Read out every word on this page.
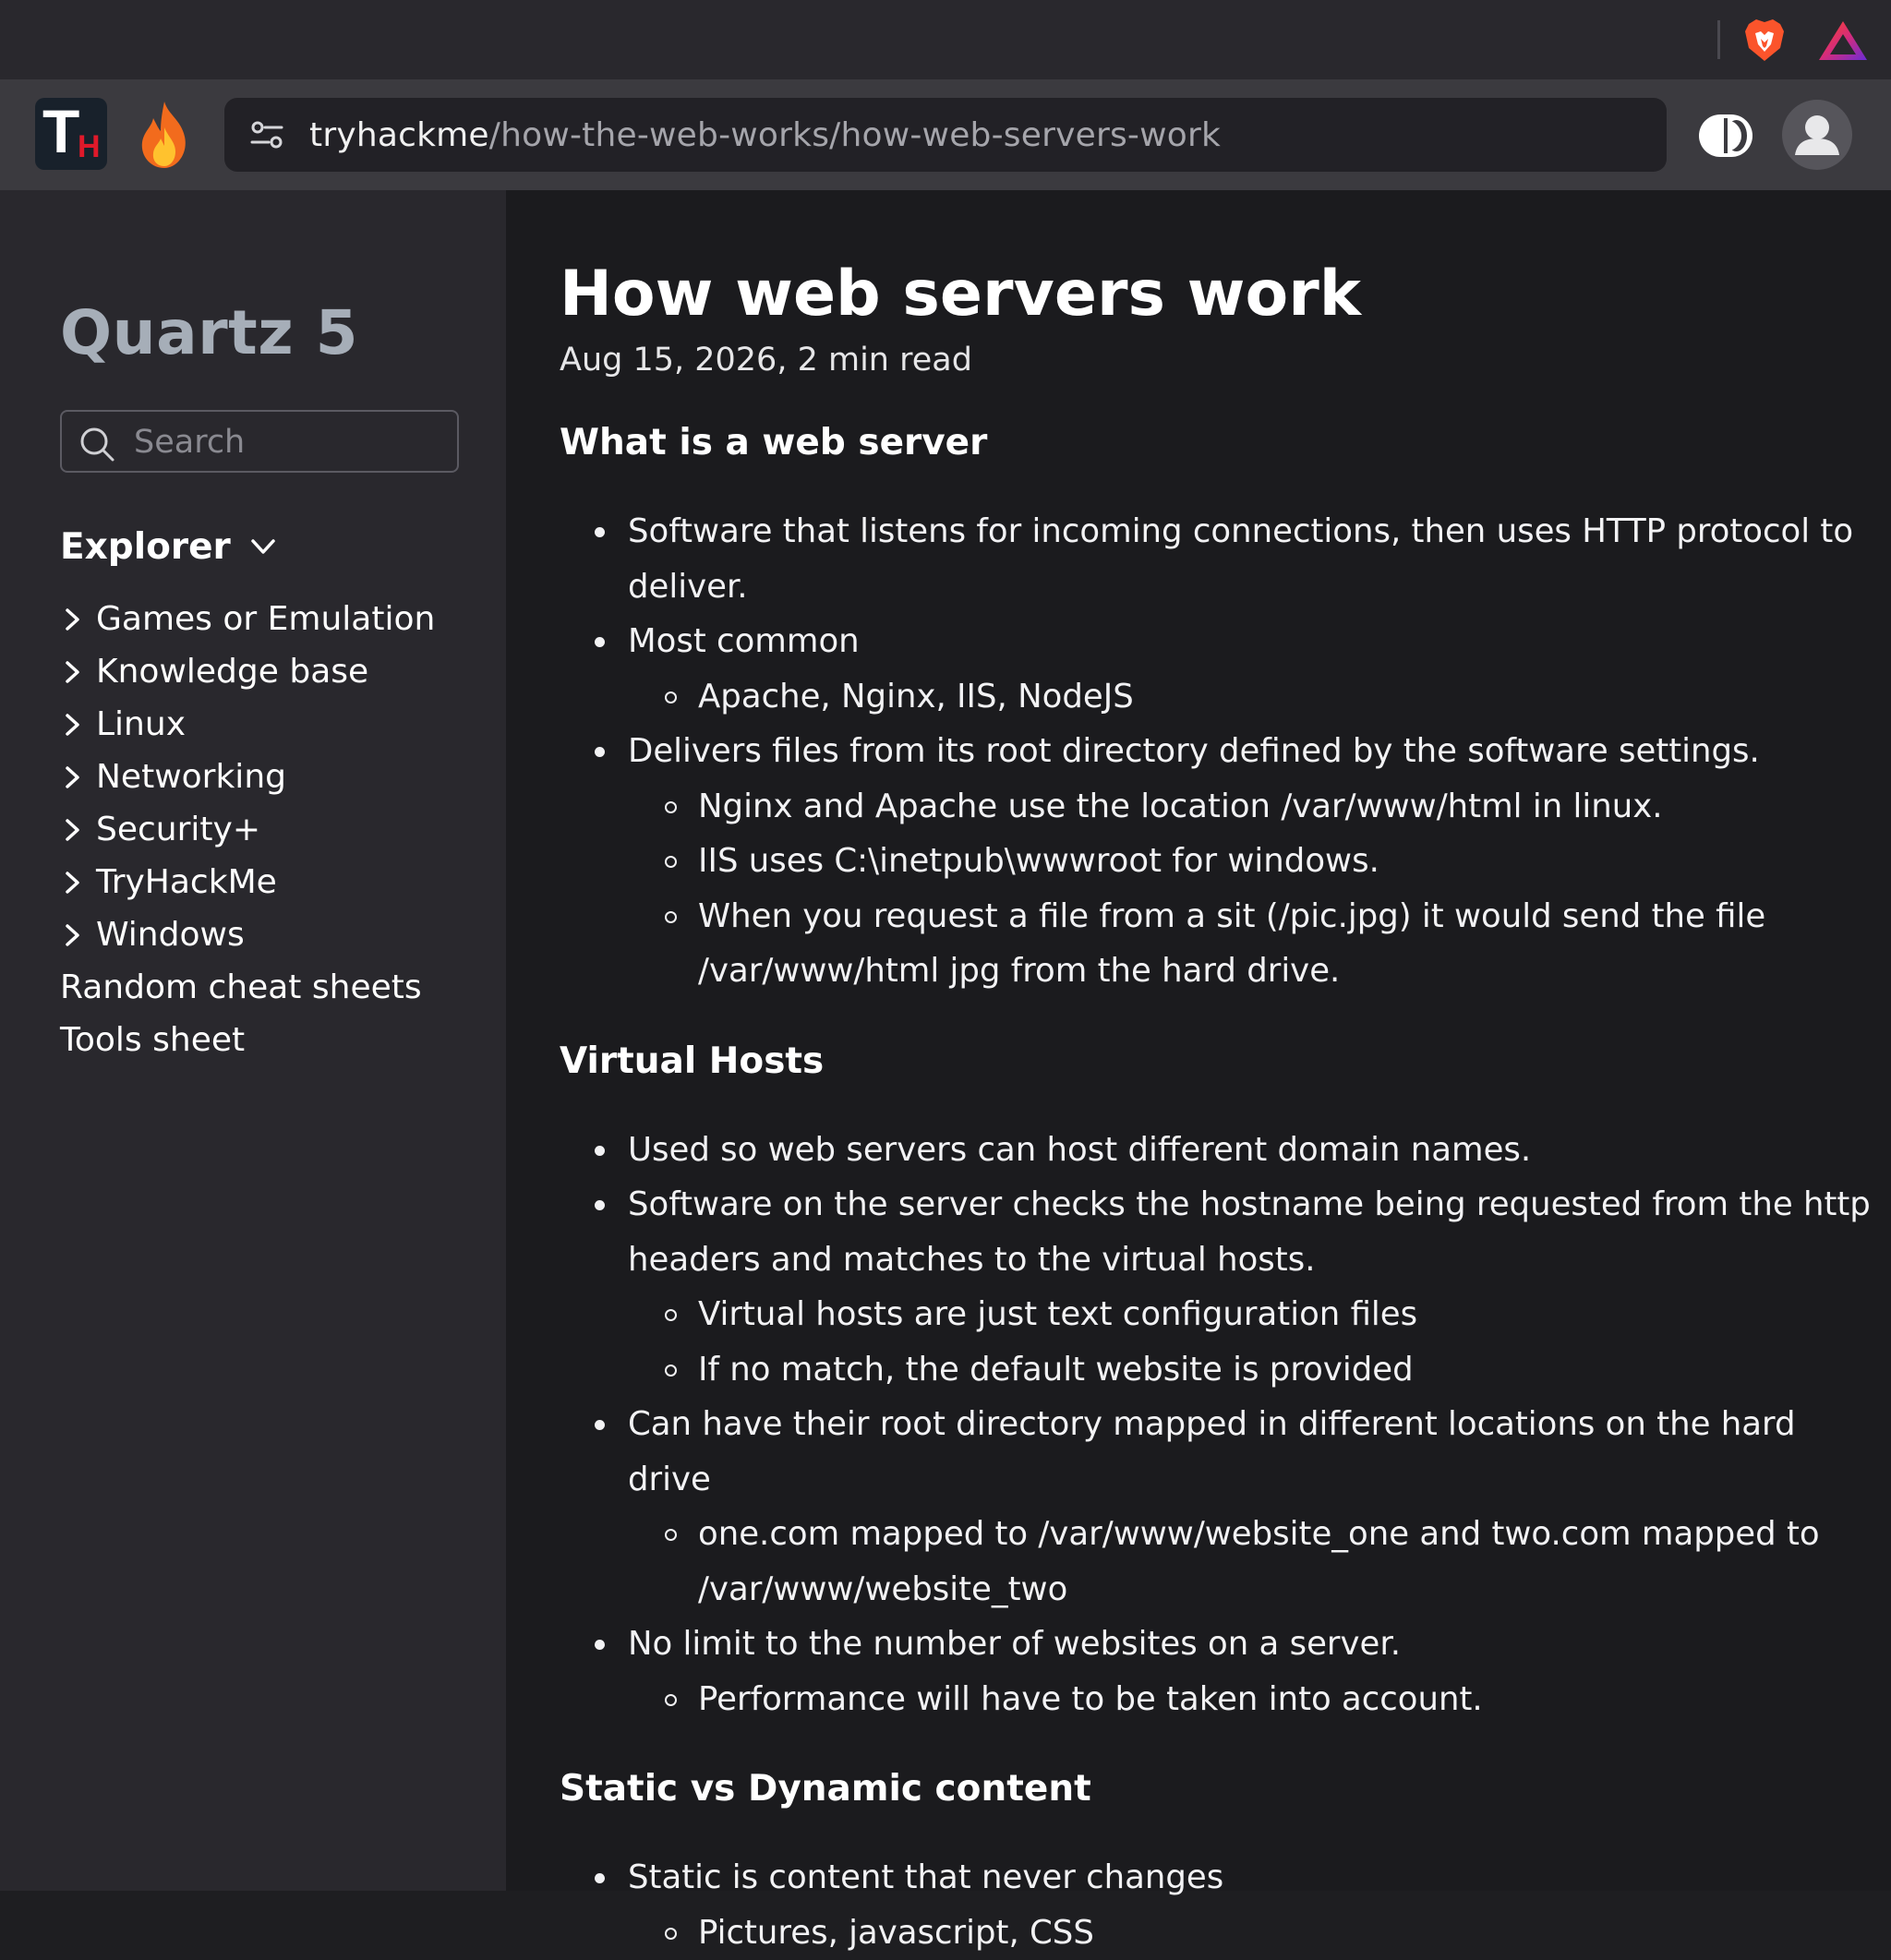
T
H	tryhackme/how-the-web-works/how-web-servers-work
Quartz 5
Search
Explorer
Games or Emulation
Knowledge base
Linux
Networking
Security+
TryHackMe
Windows
Random cheat sheets
Tools sheet
How web servers work
Aug 15, 2026, 2 min read
What is a web server
Software that listens for incoming connections, then uses HTTP protocol to deliver.
Most common
Apache, Nginx, IIS, NodeJS
Delivers files from its root directory defined by the software settings.
Nginx and Apache use the location /var/www/html in linux.
IIS uses C:\inetpub\wwwroot for windows.
When you request a file from a sit (/pic.jpg) it would send the file /var/www/html jpg from the hard drive.
Virtual Hosts
Used so web servers can host different domain names.
Software on the server checks the hostname being requested from the http headers and matches to the virtual hosts.
Virtual hosts are just text configuration files
If no match, the default website is provided
Can have their root directory mapped in different locations on the hard drive
one.com mapped to /var/www/website_one and two.com mapped to /var/www/website_two
No limit to the number of websites on a server.
Performance will have to be taken into account.
Static vs Dynamic content
Static is content that never changes
Pictures, javascript, CSS
